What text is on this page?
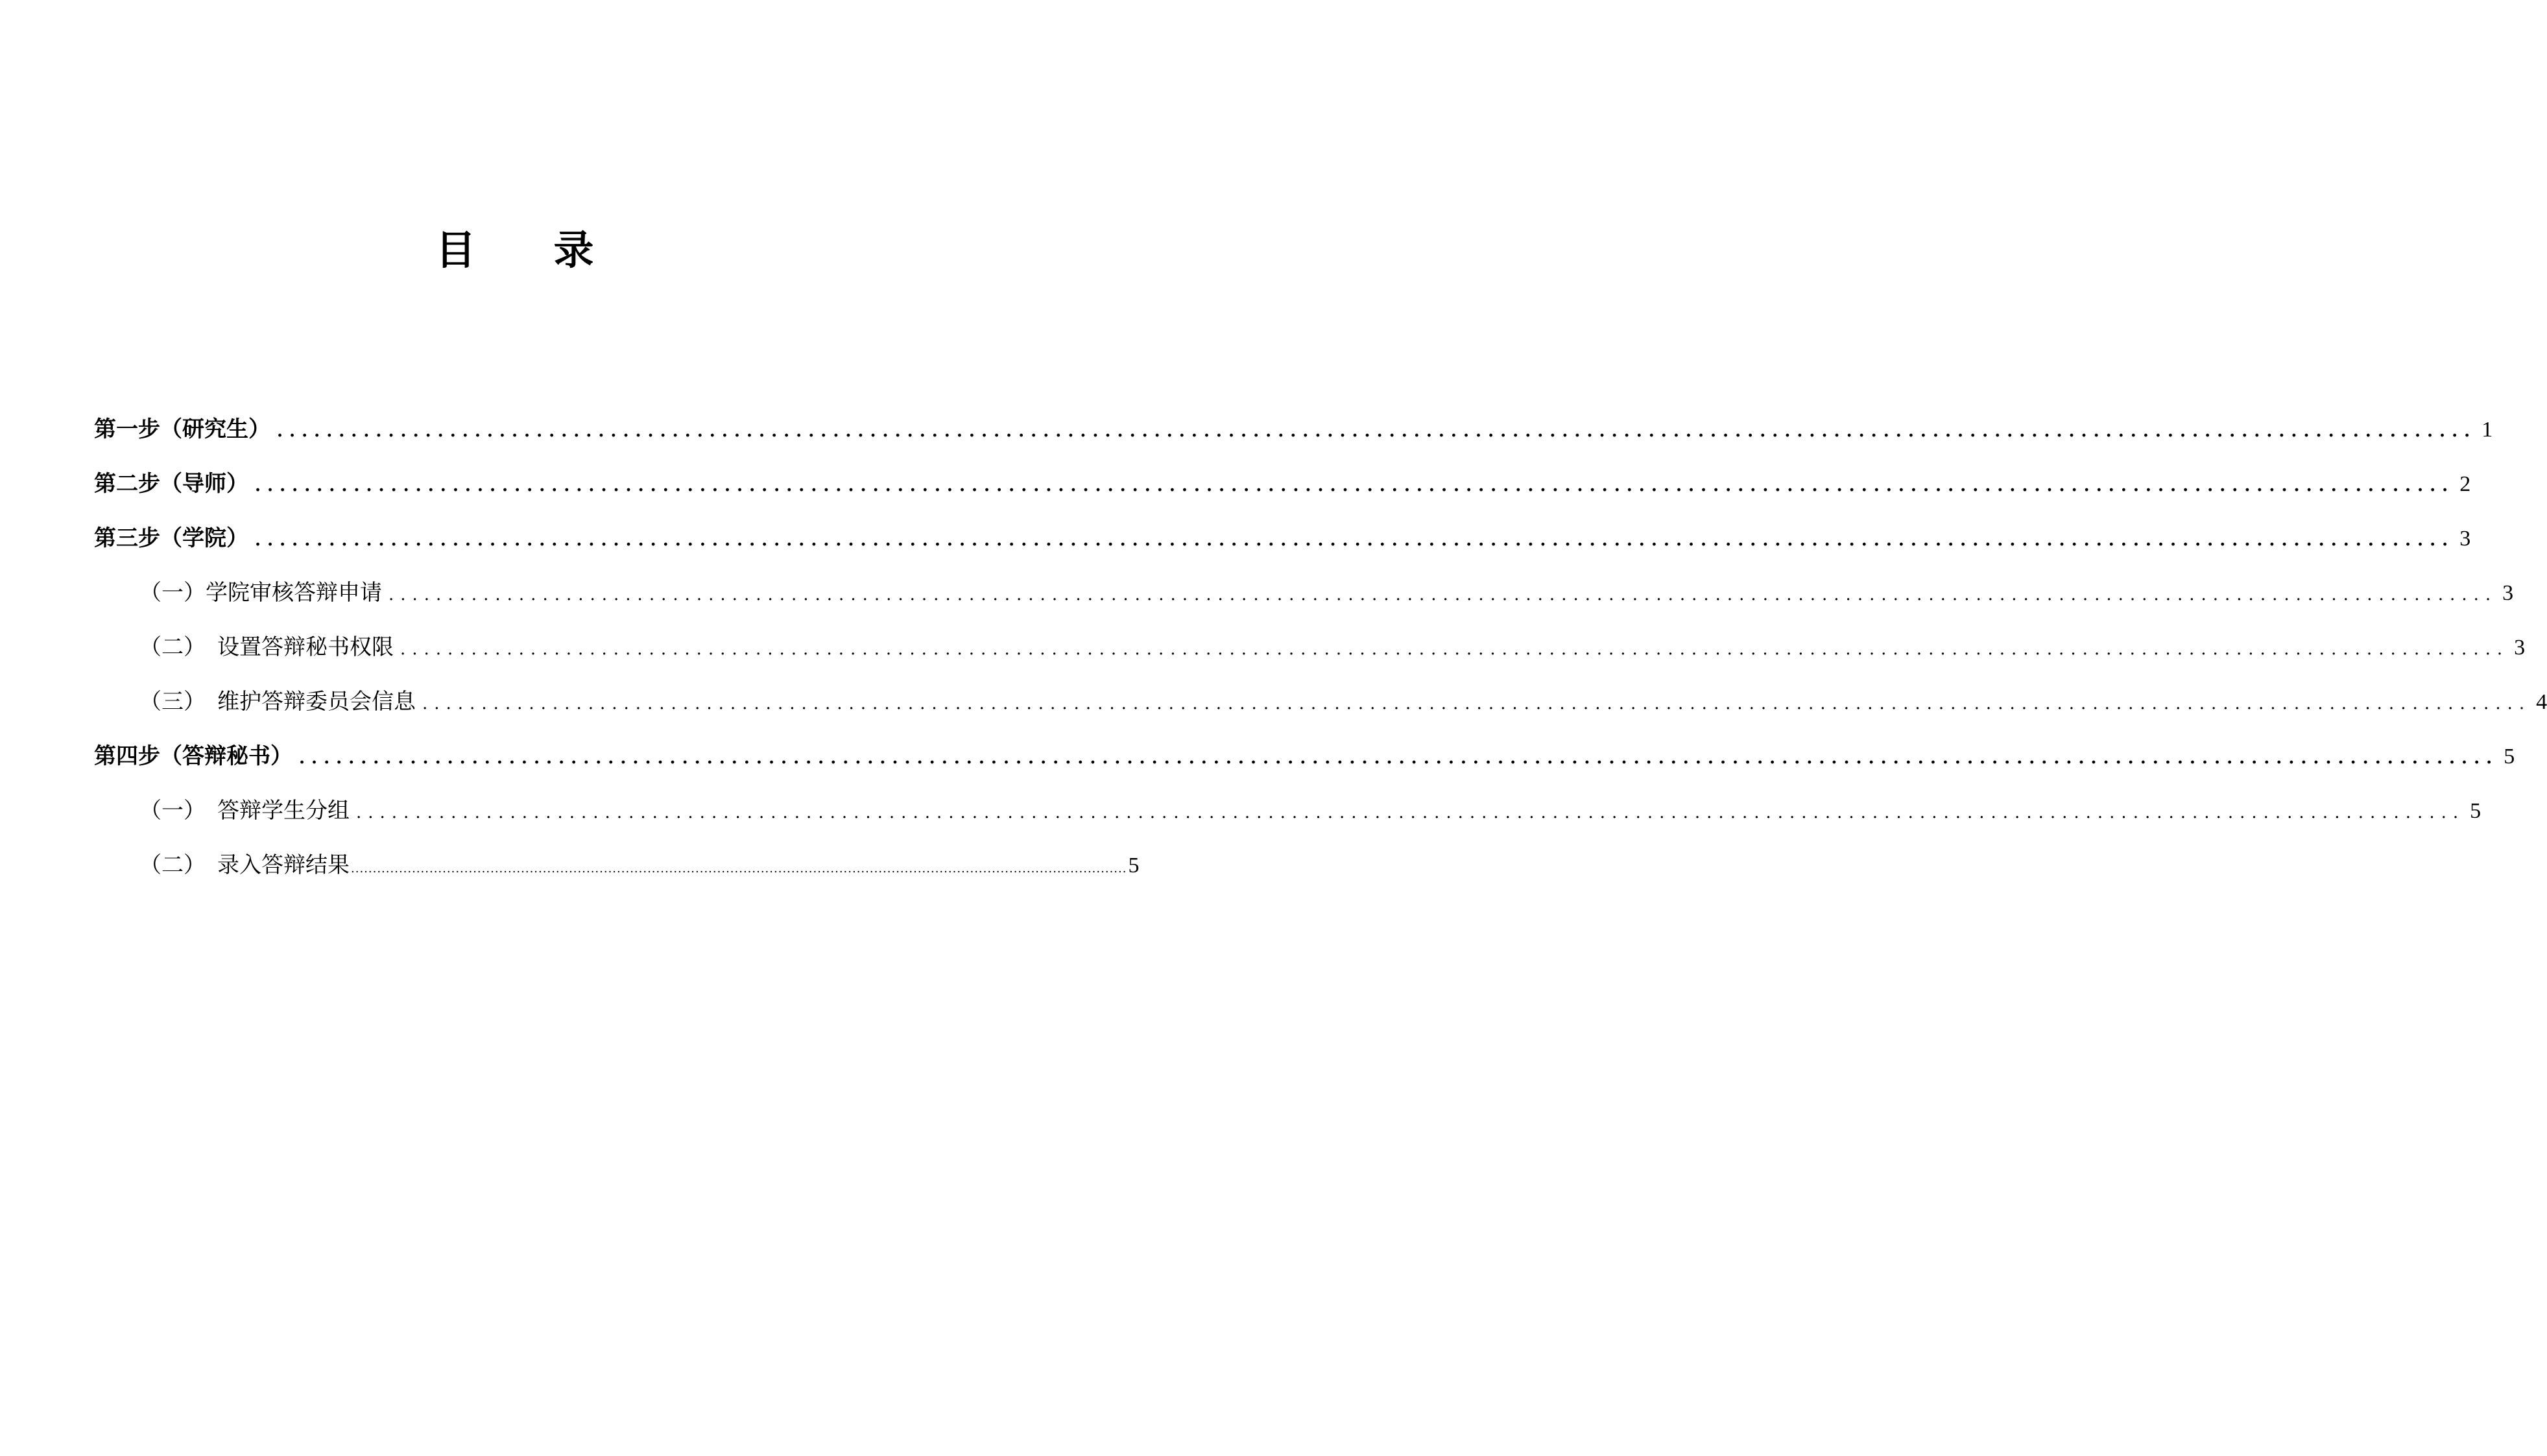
目 录
第一步（研究生） .................................................................................................................................................................................. 1
第二步（导师） .................................................................................................................................................................................. 2
第三步（学院） .................................................................................................................................................................................. 3
（一）学院审核答辩申请 .................................................................................................................................................................................. 3
（二） 设置答辩秘书权限 .................................................................................................................................................................................. 3
（三） 维护答辩委员会信息 .................................................................................................................................................................................. 4
第四步（答辩秘书） .................................................................................................................................................................................. 5
（一） 答辩学生分组 .................................................................................................................................................................................. 5
（二） 录入答辩结果 .................................................................................................................................................................................. 5
